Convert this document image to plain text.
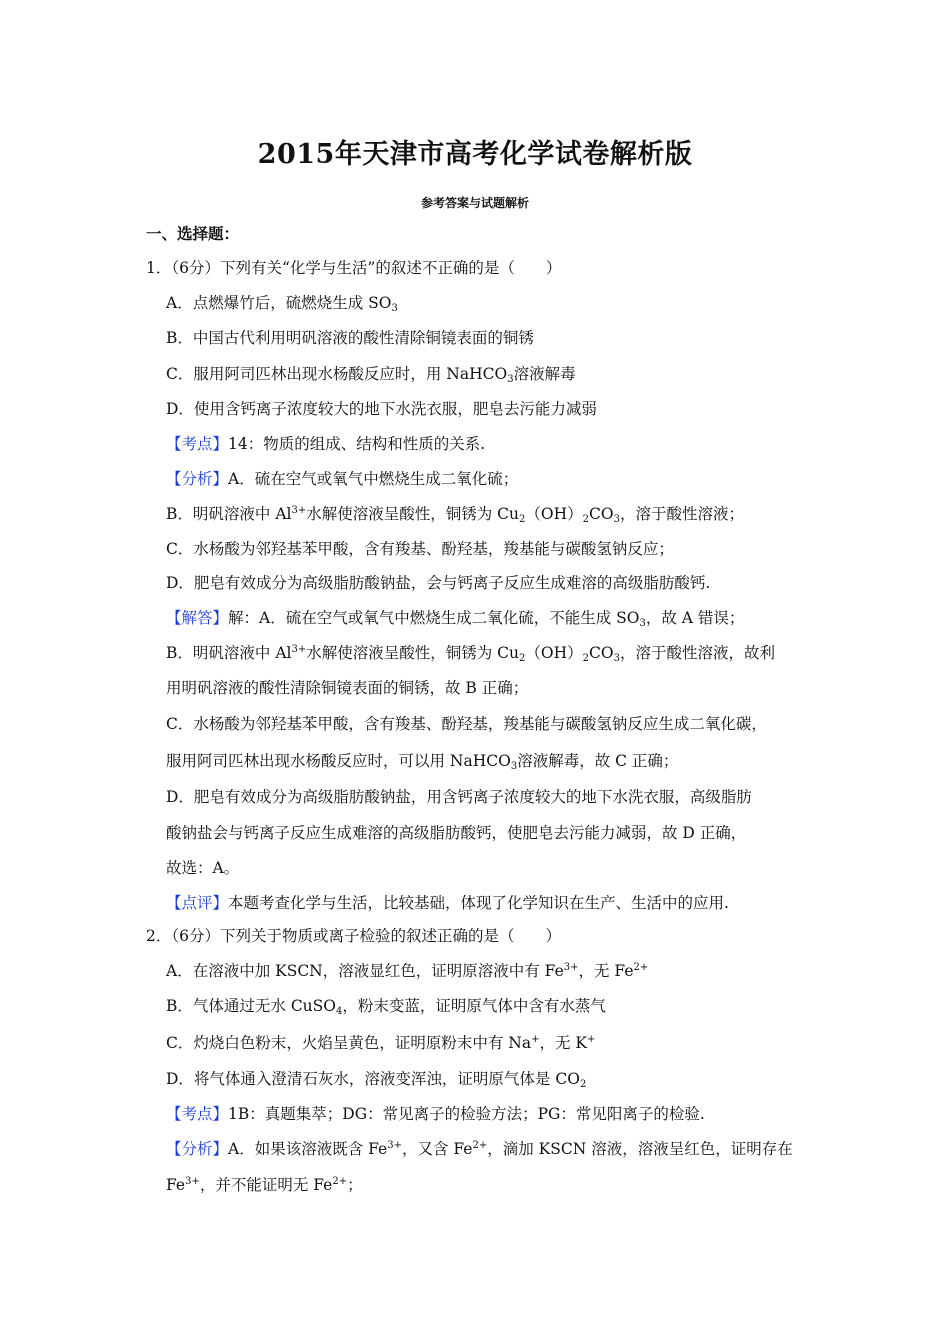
2015年天津市高考化学试卷解析版
参考答案与试题解析
一、选择题：
1．（6分）下列有关“化学与生活”的叙述不正确的是（　　）
A．点燃爆竹后，硫燃烧生成 $SO_3$
B．中国古代利用明矾溶液的酸性清除铜镜表面的铜锈
C．服用阿司匹林出现水杨酸反应时，用 NaHCO$_3$溶液解毒
D．使用含钙离子浓度较大的地下水洗衣服，肥皂去污能力减弱
【考点】14：物质的组成、结构和性质的关系.
【分析】A．硫在空气或氧气中燃烧生成二氧化硫；
B．明矾溶液中 $Al^{3+}$水解使溶液呈酸性，铜锈为 $Cu_2(OH)_2CO_3$，溶于酸性溶液；
C．水杨酸为邻羟基苯甲酸，含有羧基、酚羟基，羧基能与碳酸氢钠反应；
D．肥皂有效成分为高级脂肪酸钠盐，会与钙离子反应生成难溶的高级脂肪酸钙.
【解答】解：A．硫在空气或氧气中燃烧生成二氧化硫，不能生成 $SO_3$，故 A 错误；
B．明矾溶液中 $Al^{3+}$水解使溶液呈酸性，铜锈为 $Cu_2(OH)_2CO_3$，溶于酸性溶液，故利
用明矾溶液的酸性清除铜镜表面的铜锈，故 B 正确；
C．水杨酸为邻羟基苯甲酸，含有羧基、酚羟基，羧基能与碳酸氢钠反应生成二氧化碳，
服用阿司匹林出现水杨酸反应时，可以用 NaHCO$_3$溶液解毒，故 C 正确；
D．肥皂有效成分为高级脂肪酸钠盐，用含钙离子浓度较大的地下水洗衣服，高级脂肪
酸钠盐会与钙离子反应生成难溶的高级脂肪酸钙，使肥皂去污能力减弱，故 D 正确，
故选：A。
【点评】本题考查化学与生活，比较基础，体现了化学知识在生产、生活中的应用.
2．（6分）下列关于物质或离子检验的叙述正确的是（　　）
A．在溶液中加 KSCN，溶液显红色，证明原溶液中有 $Fe^{3+}$，无 $Fe^{2+}$
B．气体通过无水 CuSO$_4$，粉末变蓝，证明原气体中含有水蒸气
C．灼烧白色粉末，火焰呈黄色，证明原粉末中有 Na+，无 K+
D．将气体通入澄清石灰水，溶液变浑浊，证明原气体是 $CO_2$
【考点】1B：真题集萃；DG：常见离子的检验方法；PG：常见阳离子的检验.
【分析】A．如果该溶液既含 $Fe^{3+}$，又含 $Fe^{2+}$，滴加 KSCN 溶液，溶液呈红色，证明存在
$Fe^{3+}$，并不能证明无 $Fe^{2+}$；
